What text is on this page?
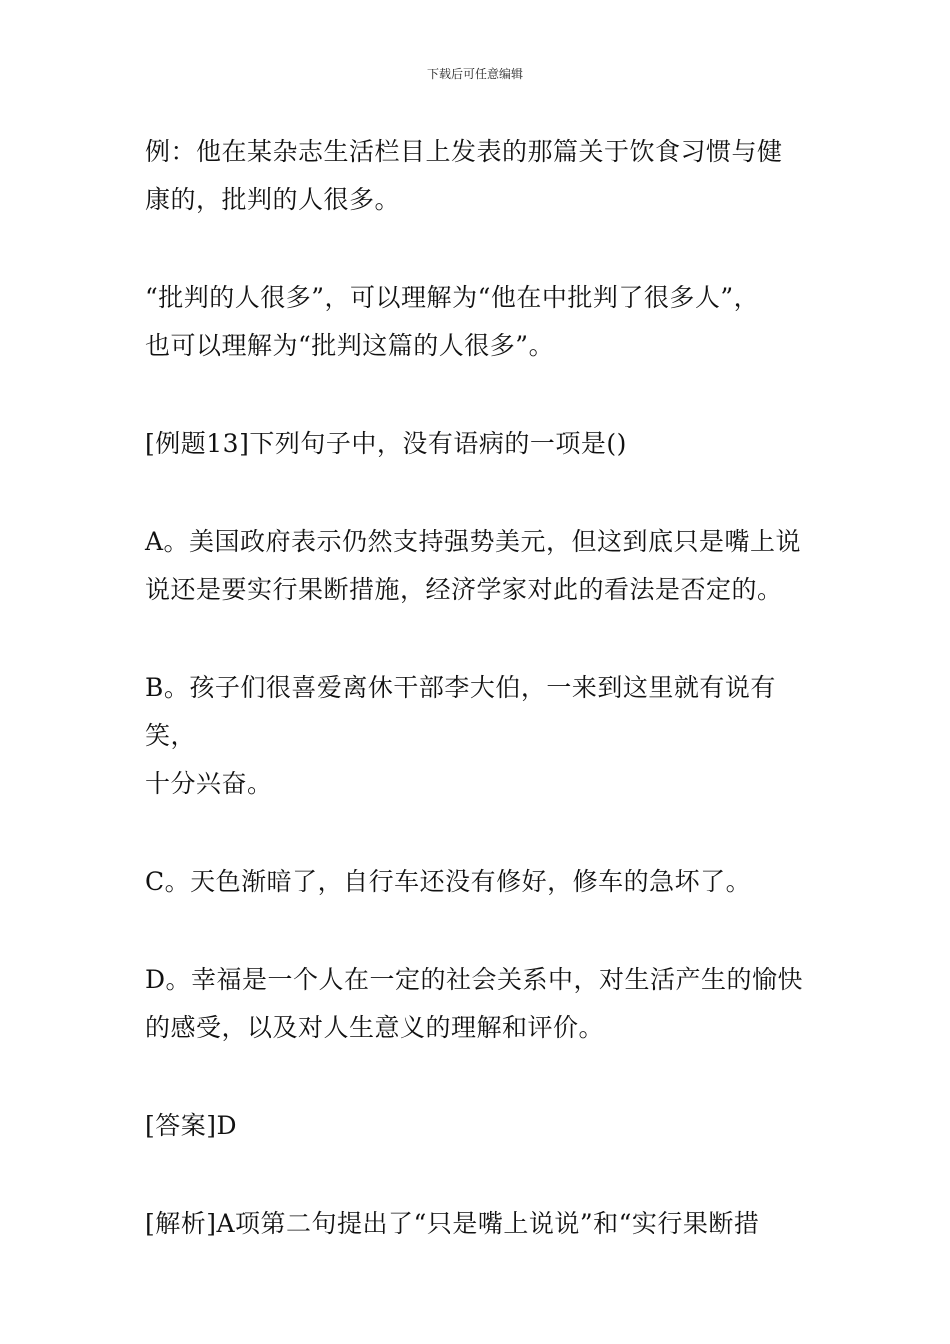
下载后可任意编辑

例：他在某杂志生活栏目上发表的那篇关于饮食习惯与健

康的，批判的人很多。

“批判的人很多”，可以理解为“他在中批判了很多人”，

也可以理解为“批判这篇的人很多”。

[例题13]下列句子中，没有语病的一项是()

A。美国政府表示仍然支持强势美元，但这到底只是嘴上说

说还是要实行果断措施，经济学家对此的看法是否定的。

B。孩子们很喜爱离休干部李大伯，一来到这里就有说有笑，

十分兴奋。

C。天色渐暗了，自行车还没有修好，修车的急坏了。

D。幸福是一个人在一定的社会关系中，对生活产生的愉快

的感受，以及对人生意义的理解和评价。

[答案]D

[解析]A项第二句提出了“只是嘴上说说”和“实行果断措
